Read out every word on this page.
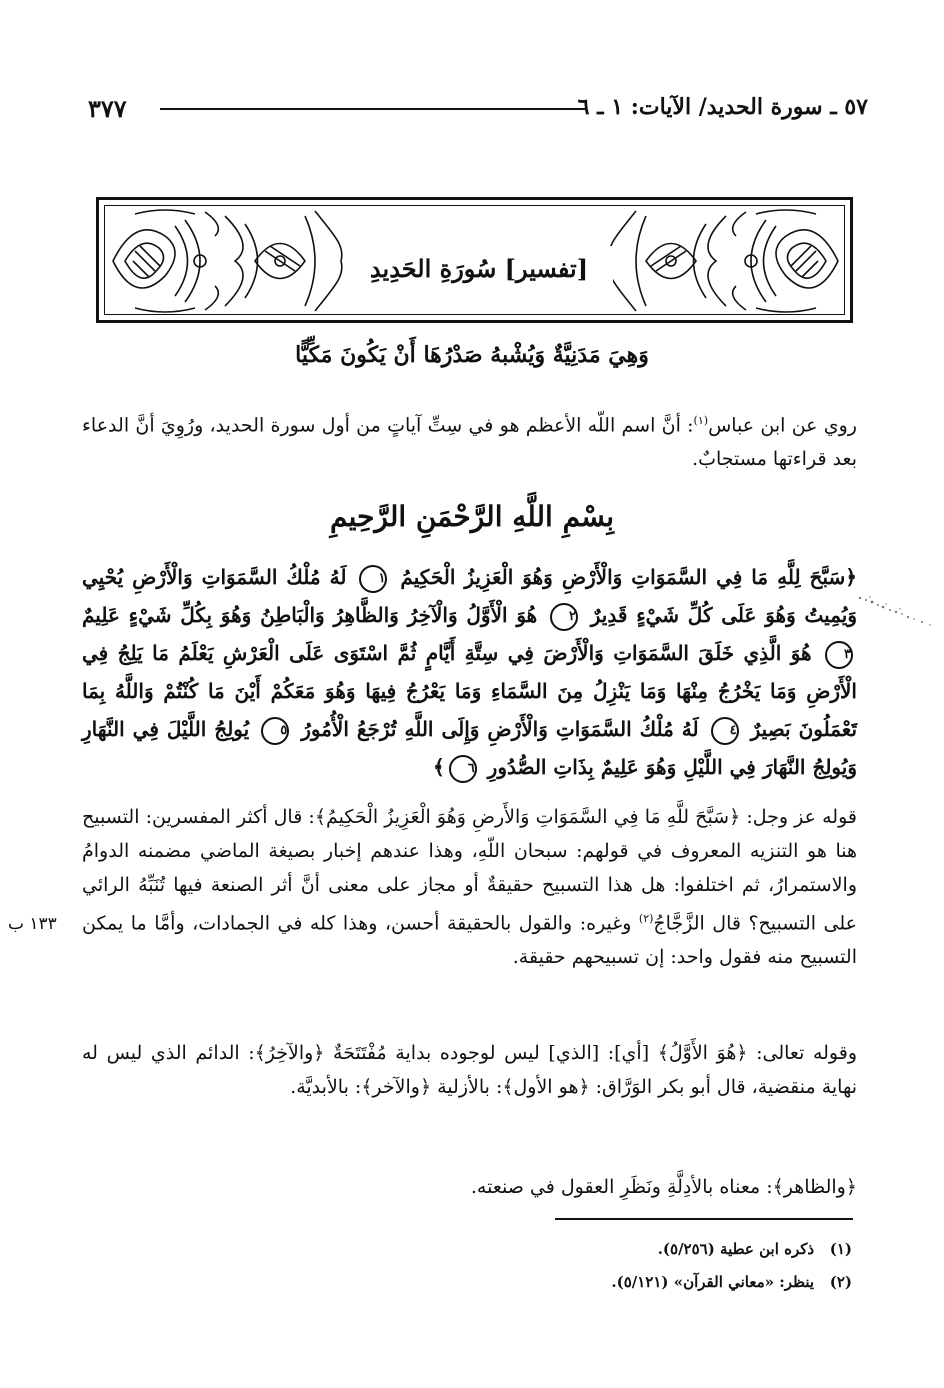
٣٧٧	٥٧ ـ سورة الحديد/ الآيات: ١ ـ ٦
[تفسير] سُورَةِ الحَدِيدِ
وَهِيَ مَدَنِيَّةٌ وَيُشْبهُ صَدْرُهَا أَنْ يَكُونَ مَكِّيًّا
روي عن ابن عباس$^{(١)}$: أنَّ اسم اللّه الأعظم هو في سِتِّ آياتٍ من أول سورة الحديد، ورُوِيَ أنَّ الدعاء بعد قراءتها مستجابٌ.
بِسْمِ اللَّهِ الرَّحْمَنِ الرَّحِيمِ
﴿سَبَّحَ لِلَّهِ مَا فِي السَّمَوَاتِ وَالْأَرْضِ وَهُوَ الْعَزِيزُ الْحَكِيمُ ١ لَهُ مُلْكُ السَّمَوَاتِ وَالْأَرْضِ يُحْيِي وَيُمِيتُ وَهُوَ عَلَى كُلِّ شَيْءٍ قَدِيرٌ ٢ هُوَ الْأَوَّلُ وَالْآخِرُ وَالظَّاهِرُ وَالْبَاطِنُ وَهُوَ بِكُلِّ شَيْءٍ عَلِيمٌ ٣ هُوَ الَّذِي خَلَقَ السَّمَوَاتِ وَالْأَرْضَ فِي سِتَّةِ أَيَّامٍ ثُمَّ اسْتَوَى عَلَى الْعَرْشِ يَعْلَمُ مَا يَلِجُ فِي الْأَرْضِ وَمَا يَخْرُجُ مِنْهَا وَمَا يَنْزِلُ مِنَ السَّمَاءِ وَمَا يَعْرُجُ فِيهَا وَهُوَ مَعَكُمْ أَيْنَ مَا كُنْتُمْ وَاللَّهُ بِمَا تَعْمَلُونَ بَصِيرٌ ٤ لَهُ مُلْكُ السَّمَوَاتِ وَالْأَرْضِ وَإِلَى اللَّهِ تُرْجَعُ الْأُمُورُ ٥ يُولِجُ اللَّيْلَ فِي النَّهَارِ وَيُولِجُ النَّهَارَ فِي اللَّيْلِ وَهُوَ عَلِيمٌ بِذَاتِ الصُّدُورِ ٦﴾
قوله عز وجل: ﴿سَبَّحَ للَّهِ مَا فِي السَّمَوَاتِ وَالأَرضِ وَهُوَ الْعَزِيزُ الْحَكِيمُ﴾: قال أكثر المفسرين: التسبيح هنا هو التنزيه المعروف في قولهم: سبحان اللّهِ، وهذا عندهم إخبار بصيغة الماضي مضمنه الدوامُ والاستمرارُ، ثم اختلفوا: هل هذا التسبيح حقيقةٌ أو مجاز على معنى أنَّ أثر الصنعة فيها تُنَبِّهُ الرائي على التسبيح؟ قال الزَّجَّاجُ$^{(٢)}$ وغيره: والقول بالحقيقة أحسن، وهذا كله في الجمادات، وأمَّا ما يمكن التسبيح منه فقول واحد: إن تسبيحهم حقيقة.
١٣٣ ب
وقوله تعالى: ﴿هُوَ الأَوَّلُ﴾ [أي]: [الذي] ليس لوجوده بداية مُفْتَتَحَةٌ ﴿والآخِرُ﴾: الدائم الذي ليس له نهاية منقضية، قال أبو بكر الوَرَّاق: ﴿هو الأول﴾: بالأزلية ﴿والآخر﴾: بالأبديَّة.
﴿والظاهر﴾: معناه بالأدِلَّةِ ونَظَرِ العقول في صنعته.
(١)   ذكره ابن عطية (٥/٢٥٦).
(٢)   ينظر: «معاني القرآن» (٥/١٢١).
